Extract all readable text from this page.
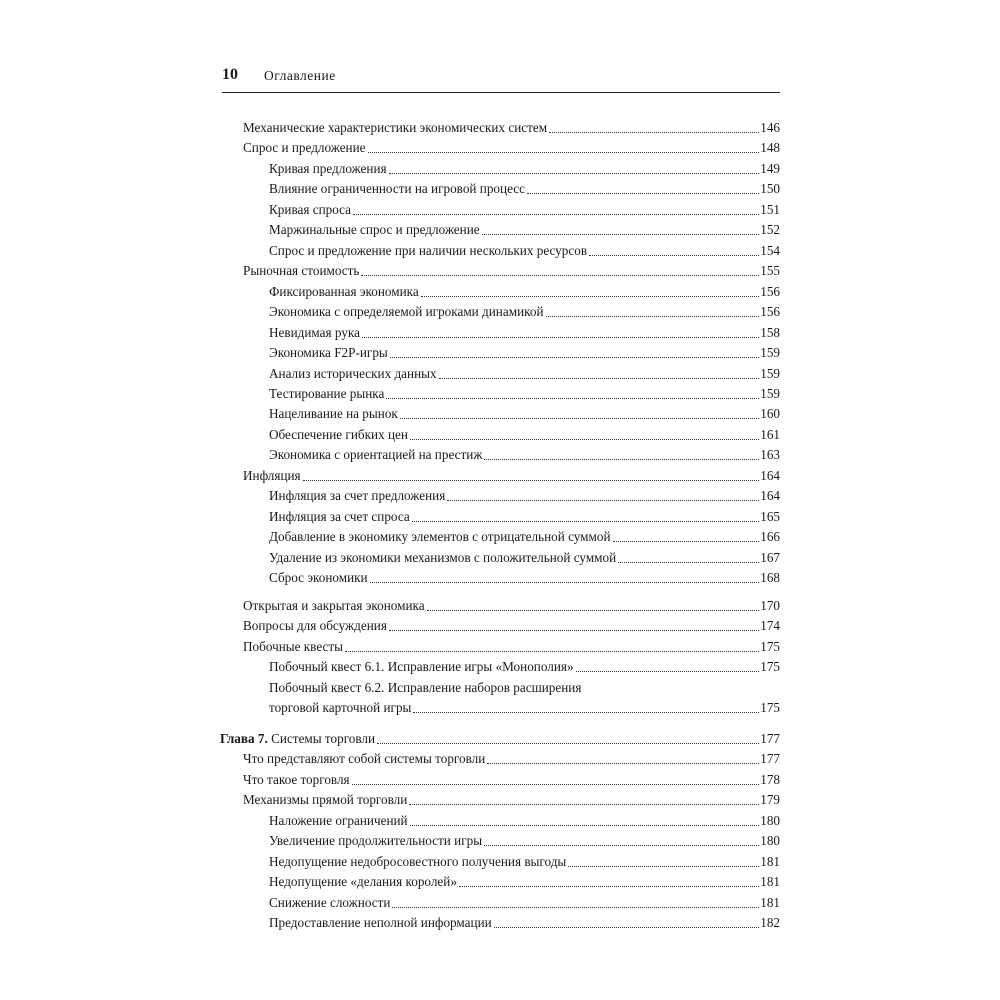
10 Оглавление
Механические характеристики экономических систем	146
Спрос и предложение	148
Кривая предложения	149
Влияние ограниченности на игровой процесс	150
Кривая спроса	151
Маржинальные спрос и предложение	152
Спрос и предложение при наличии нескольких ресурсов	154
Рыночная стоимость	155
Фиксированная экономика	156
Экономика с определяемой игроками динамикой	156
Невидимая рука	158
Экономика F2P-игры	159
Анализ исторических данных	159
Тестирование рынка	159
Нацеливание на рынок	160
Обеспечение гибких цен	161
Экономика с ориентацией на престиж	163
Инфляция	164
Инфляция за счет предложения	164
Инфляция за счет спроса	165
Добавление в экономику элементов с отрицательной суммой	166
Удаление из экономики механизмов с положительной суммой	167
Сброс экономики	168
Открытая и закрытая экономика	170
Вопросы для обсуждения	174
Побочные квесты	175
Побочный квест 6.1. Исправление игры «Монополия»	175
Побочный квест 6.2. Исправление наборов расширения
торговой карточной игры	175
Глава 7. Системы торговли	177
Что представляют собой системы торговли	177
Что такое торговля	178
Механизмы прямой торговли	179
Наложение ограничений	180
Увеличение продолжительности игры	180
Недопущение недобросовестного получения выгоды	181
Недопущение «делания королей»	181
Снижение сложности	181
Предоставление неполной информации	182
